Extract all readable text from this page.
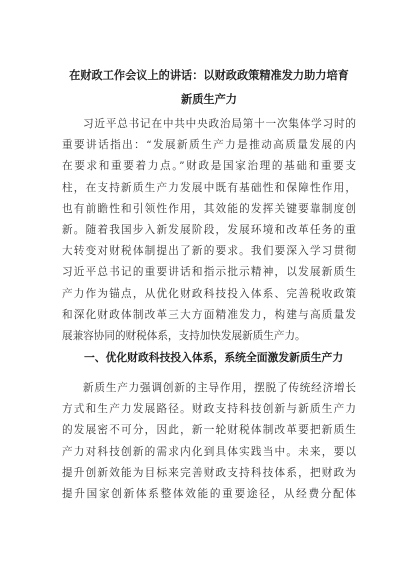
在财政工作会议上的讲话：以财政政策精准发力助力培育
新质生产力
习近平总书记在中共中央政治局第十一次集体学习时的
重要讲话指出：“发展新质生产力是推动高质量发展的内
在要求和重要着力点。”财政是国家治理的基础和重要支
柱，在支持新质生产力发展中既有基础性和保障性作用，
也有前瞻性和引领性作用，其效能的发挥关键要靠制度创
新。随着我国步入新发展阶段，发展环境和改革任务的重
大转变对财税体制提出了新的要求。我们要深入学习贯彻
习近平总书记的重要讲话和指示批示精神，以发展新质生
产力作为锚点，从优化财政科技投入体系、完善税收政策
和深化财政体制改革三大方面精准发力，构建与高质量发
展兼容协同的财税体系，支持加快发展新质生产力。
一、优化财政科技投入体系，系统全面激发新质生产力
新质生产力强调创新的主导作用，摆脱了传统经济增长
方式和生产力发展路径。财政支持科技创新与新质生产力
的发展密不可分，因此，新一轮财税体制改革要把新质生
产力对科技创新的需求内化到具体实践当中。未来，要以
提升创新效能为目标来完善财政支持科技体系，把财政为
提升国家创新体系整体效能的重要途径，从经费分配体
